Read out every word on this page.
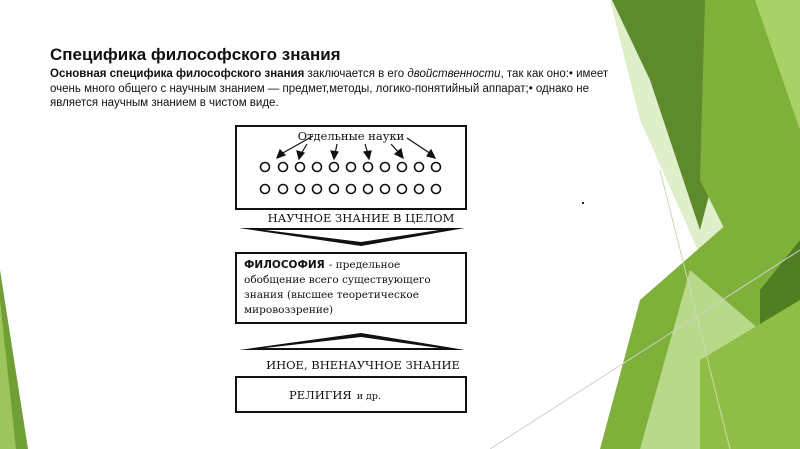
Специфика философского знания
Основная специфика философского знания заключается в его двойственности, так как оно:• имеет очень много общего с научным знанием — предмет,методы, логико-понятийный аппарат;• однако не является научным знанием в чистом виде.
Отдельные науки
НАУЧНОЕ ЗНАНИЕ В ЦЕЛОМ
ФИЛОСОФИЯ - предельное
обобщение всего существующего
знания (высшее теоретическое
мировоззрение)
ИНОЕ, ВНЕНАУЧНОЕ ЗНАНИЕ
РЕЛИГИЯ и др.
